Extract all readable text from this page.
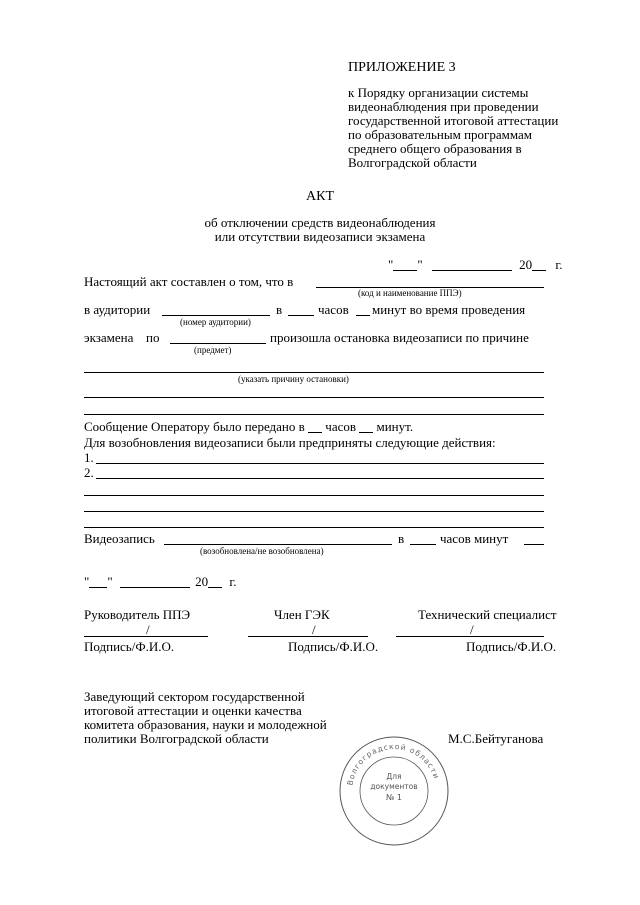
ПРИЛОЖЕНИЕ 3
к Порядку организации системы
видеонаблюдения при проведении
государственной итоговой аттестации
по образовательным программам
среднего общего образования в
Волгоградской области
АКТ
об отключении средств видеонаблюдения
или отсутствии видеозаписи экзамена
" "	20 г.
Настоящий акт составлен о том, что в
(код и наименование ППЭ)
в аудитории	в	часов минут во время проведения
(номер аудитории)
экзамена по	произошла остановка видеозаписи по причине
(предмет)
(указать причину остановки)
Сообщение Оператору было передано в часов минут.
Для возобновления видеозаписи были предприняты следующие действия:
1.
2.
Видеозапись	в	часов минут
(возобновлена/не возобновлена)
" "	20 г.
Руководитель ППЭ	Член ГЭК	Технический специалист
/	/	/
Подпись/Ф.И.О.	Подпись/Ф.И.О.	Подпись/Ф.И.О.
Заведующий сектором государственной
итоговой аттестации и оценки качества
комитета образования, науки и молодежной
политики Волгоградской области	М.С.Бейтуганова
Волгоградской области
Для
документов
№ 1
